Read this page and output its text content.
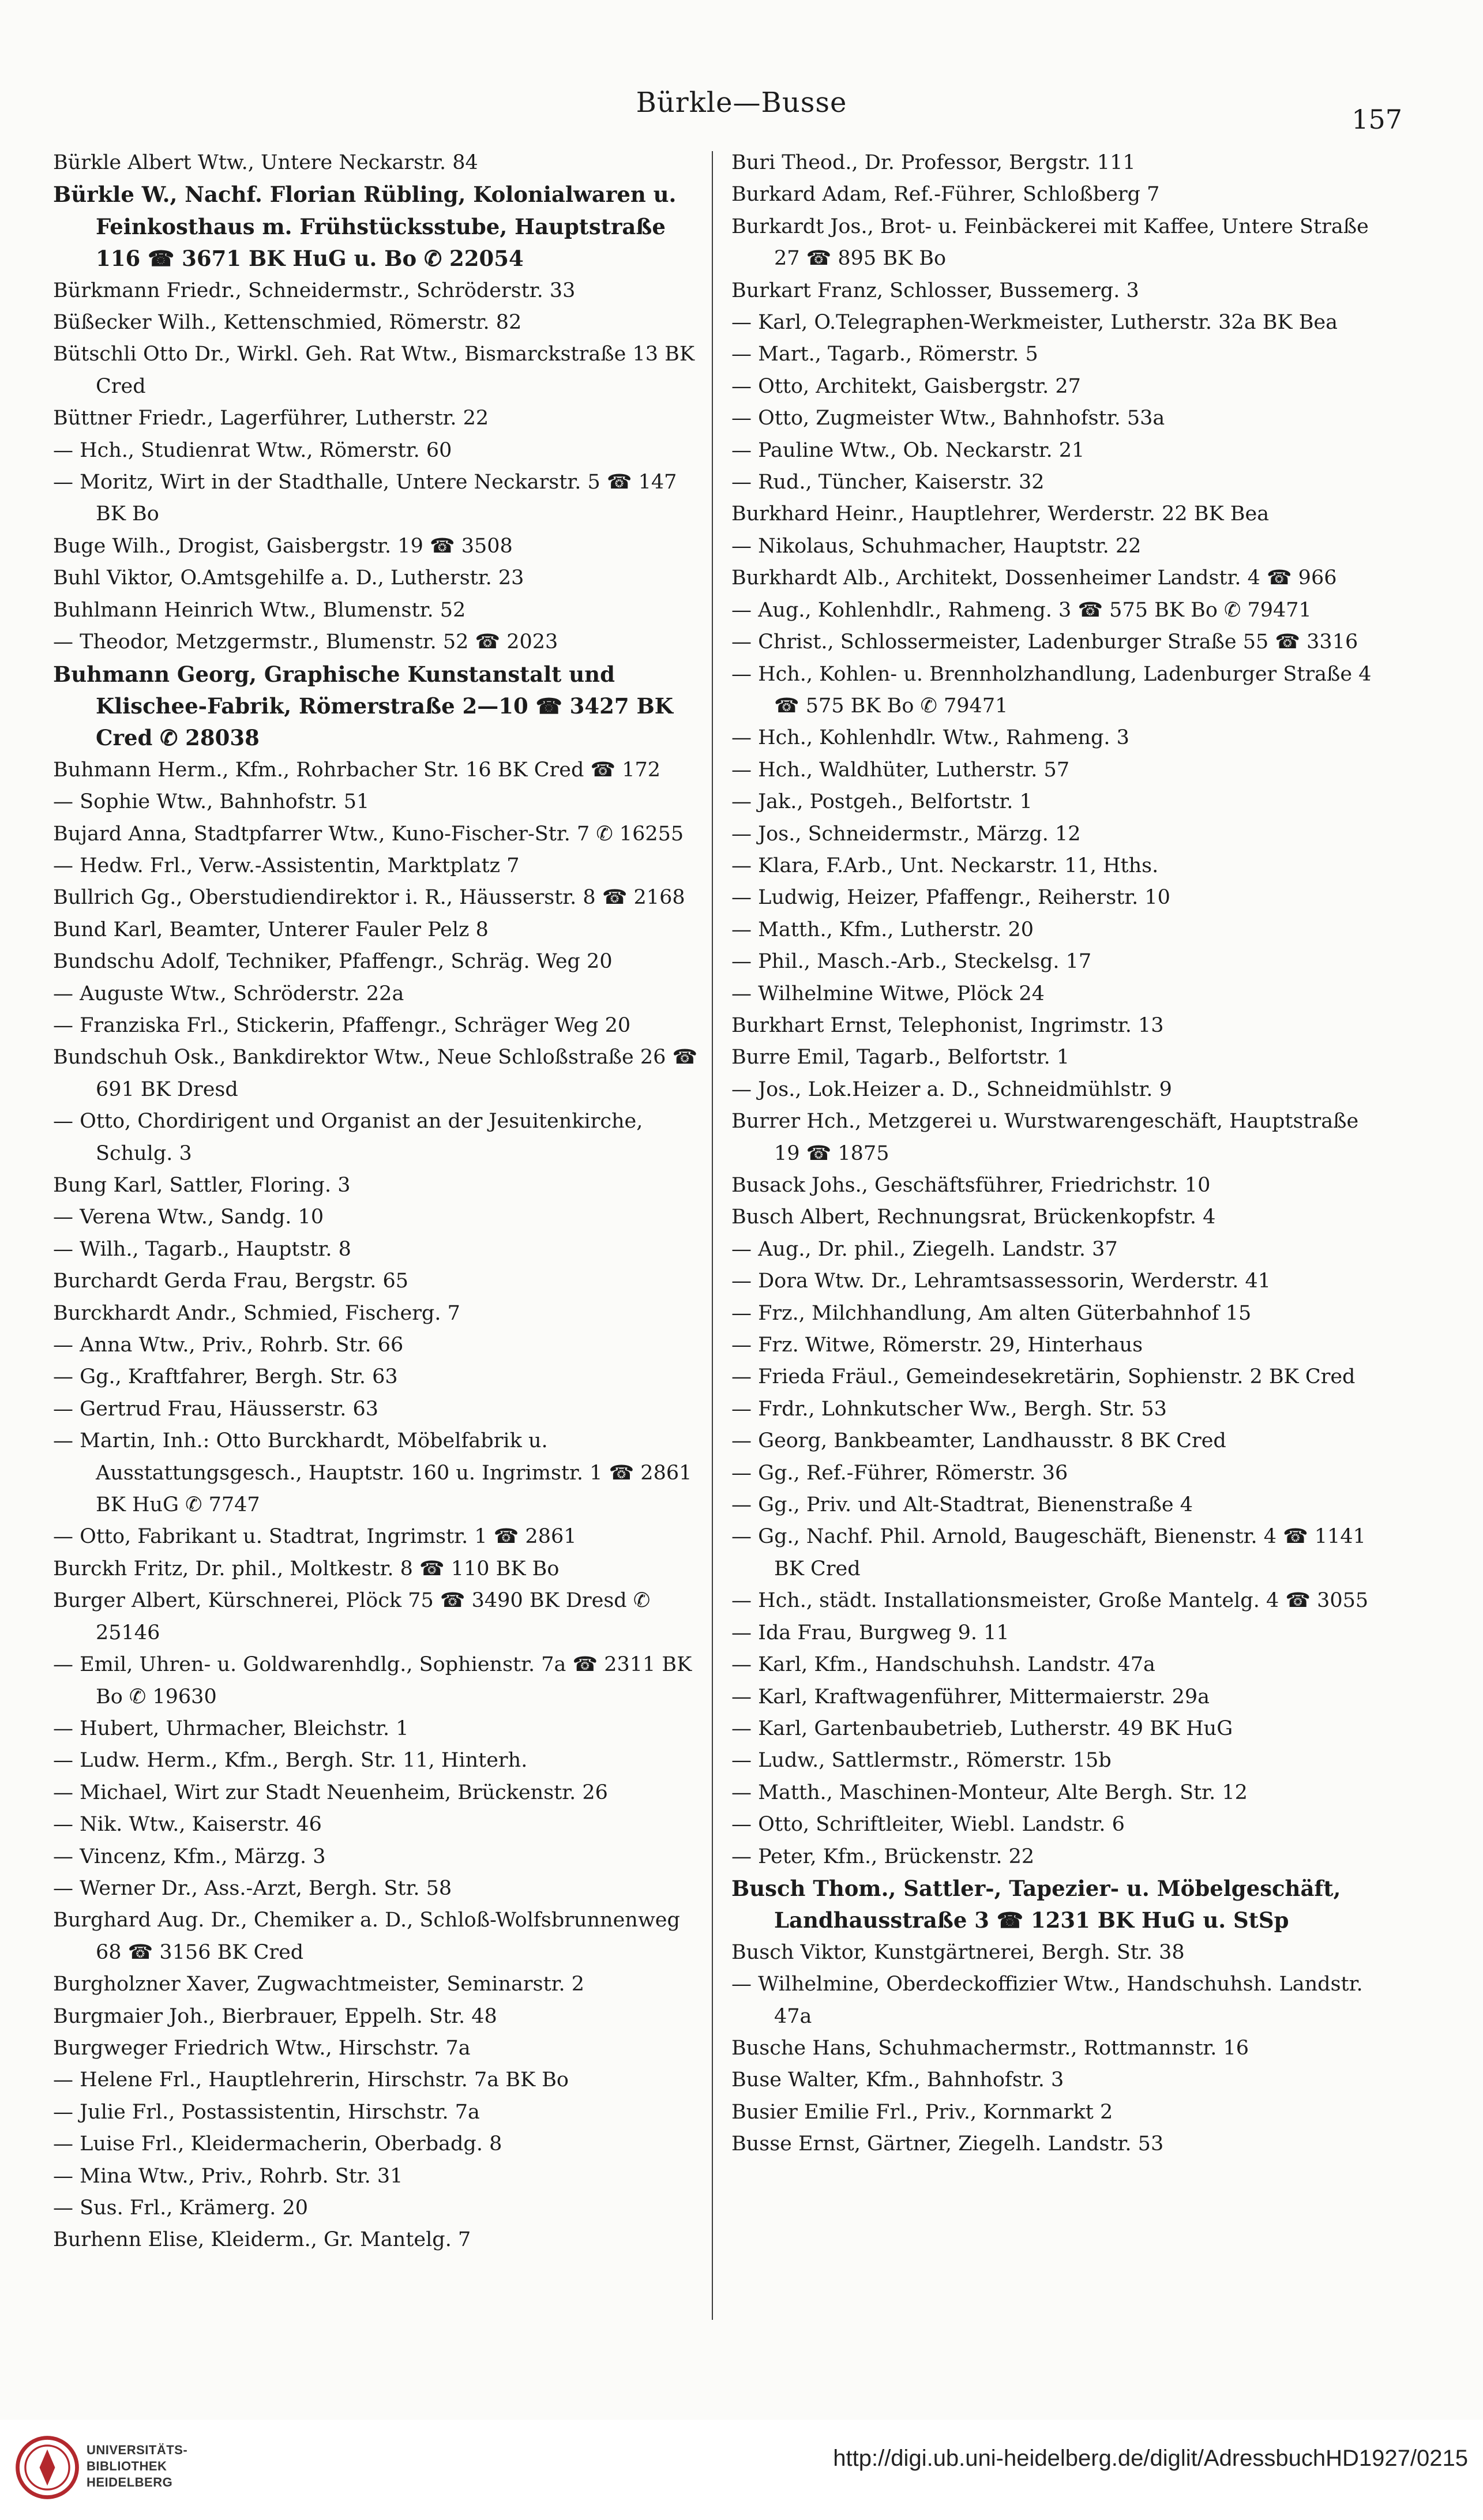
Bürkle—Busse
157
Bürkle Albert Wtw., Untere Neckarstr. 84
Bürkle W., Nachf. Florian Rübling, Kolonialwaren u. Feinkosthaus m. Frühstücksstube, Hauptstraße 116 ☎ 3671 BK HuG u. Bo ✆ 22054
Bürkmann Friedr., Schneidermstr., Schröderstr. 33
Büßecker Wilh., Kettenschmied, Römerstr. 82
Bütschli Otto Dr., Wirkl. Geh. Rat Wtw., Bismarckstraße 13 BK Cred
Büttner Friedr., Lagerführer, Lutherstr. 22
— Hch., Studienrat Wtw., Römerstr. 60
— Moritz, Wirt in der Stadthalle, Untere Neckarstr. 5 ☎ 147 BK Bo
Buge Wilh., Drogist, Gaisbergstr. 19 ☎ 3508
Buhl Viktor, O.Amtsgehilfe a. D., Lutherstr. 23
Buhlmann Heinrich Wtw., Blumenstr. 52
— Theodor, Metzgermstr., Blumenstr. 52 ☎ 2023
Buhmann Georg, Graphische Kunstanstalt und Klischee-Fabrik, Römerstraße 2—10 ☎ 3427 BK Cred ✆ 28038
Buhmann Herm., Kfm., Rohrbacher Str. 16 BK Cred ☎ 172
— Sophie Wtw., Bahnhofstr. 51
Bujard Anna, Stadtpfarrer Wtw., Kuno-Fischer-Str. 7 ✆ 16255
— Hedw. Frl., Verw.-Assistentin, Marktplatz 7
Bullrich Gg., Oberstudiendirektor i. R., Häusserstr. 8 ☎ 2168
Bund Karl, Beamter, Unterer Fauler Pelz 8
Bundschu Adolf, Techniker, Pfaffengr., Schräg. Weg 20
— Auguste Wtw., Schröderstr. 22a
— Franziska Frl., Stickerin, Pfaffengr., Schräger Weg 20
Bundschuh Osk., Bankdirektor Wtw., Neue Schloßstraße 26 ☎ 691 BK Dresd
— Otto, Chordirigent und Organist an der Jesuitenkirche, Schulg. 3
Bung Karl, Sattler, Floring. 3
— Verena Wtw., Sandg. 10
— Wilh., Tagarb., Hauptstr. 8
Burchardt Gerda Frau, Bergstr. 65
Burckhardt Andr., Schmied, Fischerg. 7
— Anna Wtw., Priv., Rohrb. Str. 66
— Gg., Kraftfahrer, Bergh. Str. 63
— Gertrud Frau, Häusserstr. 63
— Martin, Inh.: Otto Burckhardt, Möbelfabrik u. Ausstattungsgesch., Hauptstr. 160 u. Ingrimstr. 1 ☎ 2861 BK HuG ✆ 7747
— Otto, Fabrikant u. Stadtrat, Ingrimstr. 1 ☎ 2861
Burckh Fritz, Dr. phil., Moltkestr. 8 ☎ 110 BK Bo
Burger Albert, Kürschnerei, Plöck 75 ☎ 3490 BK Dresd ✆ 25146
— Emil, Uhren- u. Goldwarenhdlg., Sophienstr. 7a ☎ 2311 BK Bo ✆ 19630
— Hubert, Uhrmacher, Bleichstr. 1
— Ludw. Herm., Kfm., Bergh. Str. 11, Hinterh.
— Michael, Wirt zur Stadt Neuenheim, Brückenstr. 26
— Nik. Wtw., Kaiserstr. 46
— Vincenz, Kfm., Märzg. 3
— Werner Dr., Ass.-Arzt, Bergh. Str. 58
Burghard Aug. Dr., Chemiker a. D., Schloß-Wolfsbrunnenweg 68 ☎ 3156 BK Cred
Burgholzner Xaver, Zugwachtmeister, Seminarstr. 2
Burgmaier Joh., Bierbrauer, Eppelh. Str. 48
Burgweger Friedrich Wtw., Hirschstr. 7a
— Helene Frl., Hauptlehrerin, Hirschstr. 7a BK Bo
— Julie Frl., Postassistentin, Hirschstr. 7a
— Luise Frl., Kleidermacherin, Oberbadg. 8
— Mina Wtw., Priv., Rohrb. Str. 31
— Sus. Frl., Krämerg. 20
Burhenn Elise, Kleiderm., Gr. Mantelg. 7
Buri Theod., Dr. Professor, Bergstr. 111
Burkard Adam, Ref.-Führer, Schloßberg 7
Burkardt Jos., Brot- u. Feinbäckerei mit Kaffee, Untere Straße 27 ☎ 895 BK Bo
Burkart Franz, Schlosser, Bussemerg. 3
— Karl, O.Telegraphen-Werkmeister, Lutherstr. 32a BK Bea
— Mart., Tagarb., Römerstr. 5
— Otto, Architekt, Gaisbergstr. 27
— Otto, Zugmeister Wtw., Bahnhofstr. 53a
— Pauline Wtw., Ob. Neckarstr. 21
— Rud., Tüncher, Kaiserstr. 32
Burkhard Heinr., Hauptlehrer, Werderstr. 22 BK Bea
— Nikolaus, Schuhmacher, Hauptstr. 22
Burkhardt Alb., Architekt, Dossenheimer Landstr. 4 ☎ 966
— Aug., Kohlenhdlr., Rahmeng. 3 ☎ 575 BK Bo ✆ 79471
— Christ., Schlossermeister, Ladenburger Straße 55 ☎ 3316
— Hch., Kohlen- u. Brennholzhandlung, Ladenburger Straße 4 ☎ 575 BK Bo ✆ 79471
— Hch., Kohlenhdlr. Wtw., Rahmeng. 3
— Hch., Waldhüter, Lutherstr. 57
— Jak., Postgeh., Belfortstr. 1
— Jos., Schneidermstr., Märzg. 12
— Klara, F.Arb., Unt. Neckarstr. 11, Hths.
— Ludwig, Heizer, Pfaffengr., Reiherstr. 10
— Matth., Kfm., Lutherstr. 20
— Phil., Masch.-Arb., Steckelsg. 17
— Wilhelmine Witwe, Plöck 24
Burkhart Ernst, Telephonist, Ingrimstr. 13
Burre Emil, Tagarb., Belfortstr. 1
— Jos., Lok.Heizer a. D., Schneidmühlstr. 9
Burrer Hch., Metzgerei u. Wurstwarengeschäft, Hauptstraße 19 ☎ 1875
Busack Johs., Geschäftsführer, Friedrichstr. 10
Busch Albert, Rechnungsrat, Brückenkopfstr. 4
— Aug., Dr. phil., Ziegelh. Landstr. 37
— Dora Wtw. Dr., Lehramtsassessorin, Werderstr. 41
— Frz., Milchhandlung, Am alten Güterbahnhof 15
— Frz. Witwe, Römerstr. 29, Hinterhaus
— Frieda Fräul., Gemeindesekretärin, Sophienstr. 2 BK Cred
— Frdr., Lohnkutscher Ww., Bergh. Str. 53
— Georg, Bankbeamter, Landhausstr. 8 BK Cred
— Gg., Ref.-Führer, Römerstr. 36
— Gg., Priv. und Alt-Stadtrat, Bienenstraße 4
— Gg., Nachf. Phil. Arnold, Baugeschäft, Bienenstr. 4 ☎ 1141 BK Cred
— Hch., städt. Installationsmeister, Große Mantelg. 4 ☎ 3055
— Ida Frau, Burgweg 9. 11
— Karl, Kfm., Handschuhsh. Landstr. 47a
— Karl, Kraftwagenführer, Mittermaierstr. 29a
— Karl, Gartenbaubetrieb, Lutherstr. 49 BK HuG
— Ludw., Sattlermstr., Römerstr. 15b
— Matth., Maschinen-Monteur, Alte Bergh. Str. 12
— Otto, Schriftleiter, Wiebl. Landstr. 6
— Peter, Kfm., Brückenstr. 22
Busch Thom., Sattler-, Tapezier- u. Möbelgeschäft, Landhausstraße 3 ☎ 1231 BK HuG u. StSp
Busch Viktor, Kunstgärtnerei, Bergh. Str. 38
— Wilhelmine, Oberdeckoffizier Wtw., Handschuhsh. Landstr. 47a
Busche Hans, Schuhmachermstr., Rottmannstr. 16
Buse Walter, Kfm., Bahnhofstr. 3
Busier Emilie Frl., Priv., Kornmarkt 2
Busse Ernst, Gärtner, Ziegelh. Landstr. 53
UNIVERSITÄTS-
BIBLIOTHEK
HEIDELBERG
http://digi.ub.uni-heidelberg.de/diglit/AdressbuchHD1927/0215
